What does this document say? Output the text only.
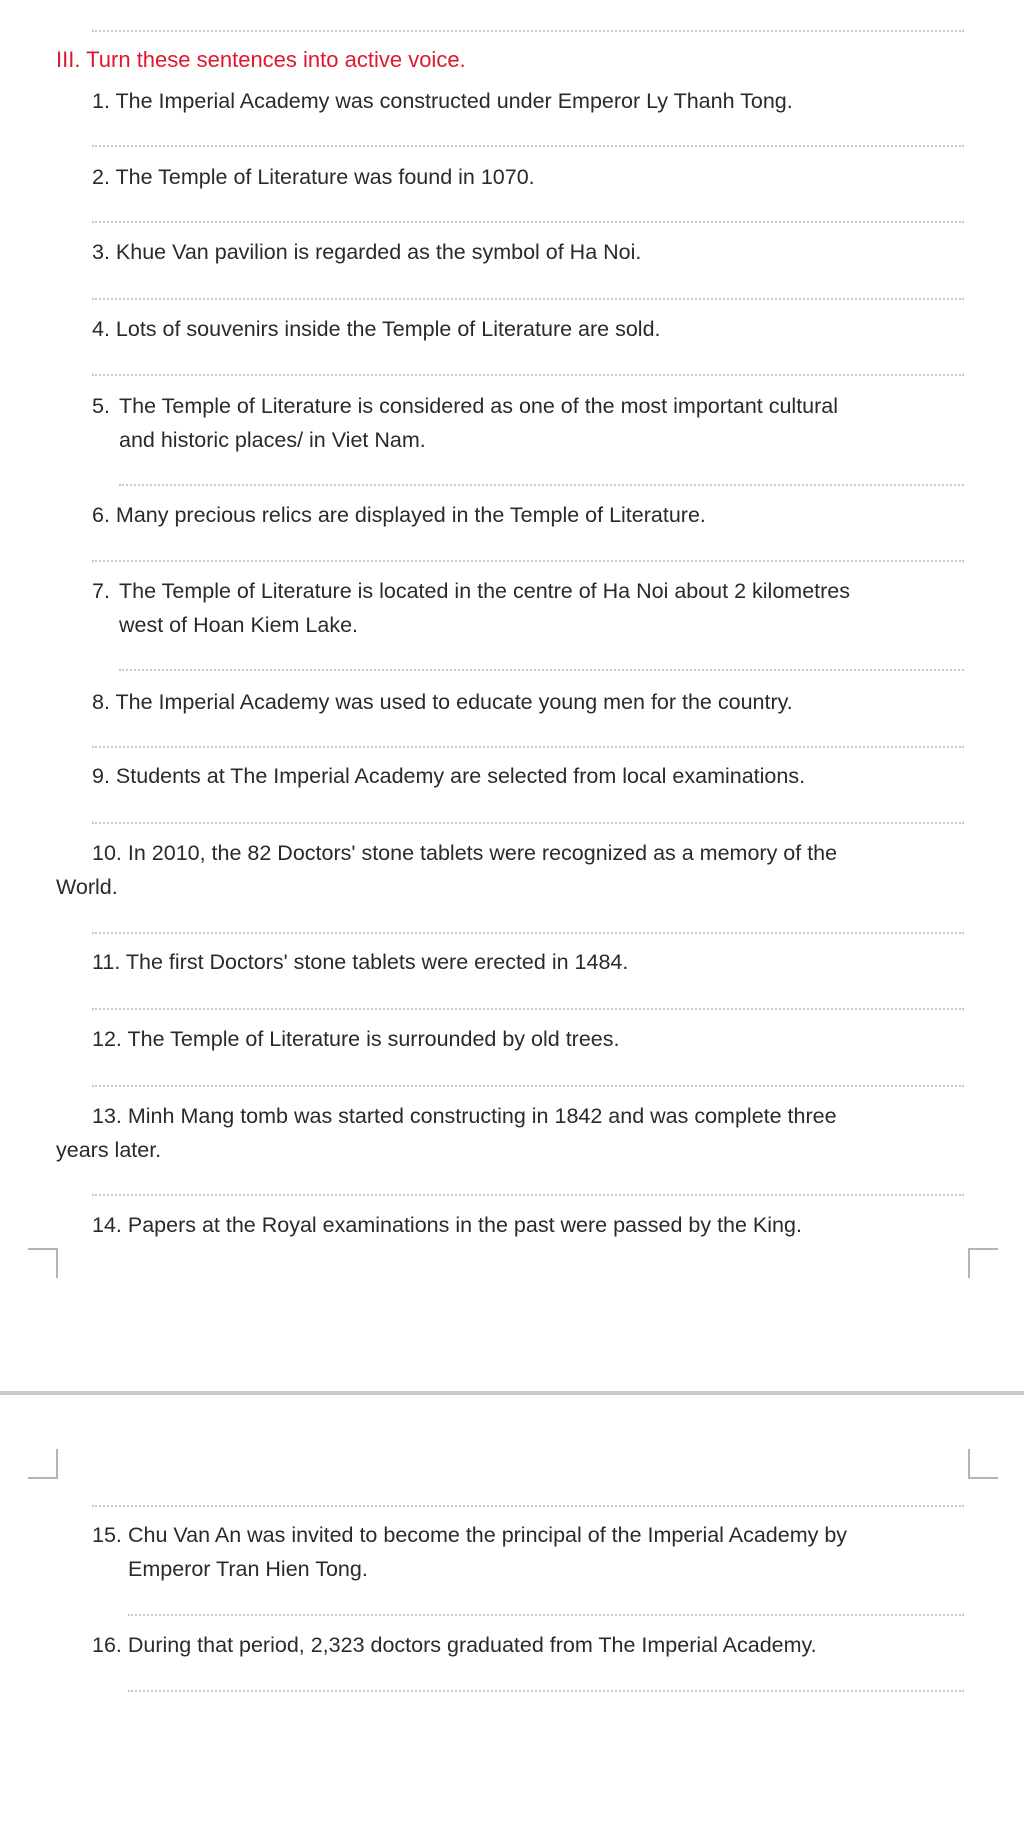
III. Turn these sentences into active voice.
1. The Imperial Academy was constructed under Emperor Ly Thanh Tong.
2. The Temple of Literature was found in 1070.
3. Khue Van pavilion is regarded as the symbol of Ha Noi.
4. Lots of souvenirs inside the Temple of Literature are sold.
5. The Temple of Literature is considered as one of the most important cultural
and historic places/ in Viet Nam.
6. Many precious relics are displayed in the Temple of Literature.
7. The Temple of Literature is located in the centre of Ha Noi about 2 kilometres
west of Hoan Kiem Lake.
8. The Imperial Academy was used to educate young men for the country.
9. Students at The Imperial Academy are selected from local examinations.
10. In 2010, the 82 Doctors' stone tablets were recognized as a memory of the
World.
11. The first Doctors' stone tablets were erected in 1484.
12. The Temple of Literature is surrounded by old trees.
13. Minh Mang tomb was started constructing in 1842 and was complete three
years later.
14. Papers at the Royal examinations in the past were passed by the King.
15. Chu Van An was invited to become the principal of the Imperial Academy by
Emperor Tran Hien Tong.
16. During that period, 2,323 doctors graduated from The Imperial Academy.
